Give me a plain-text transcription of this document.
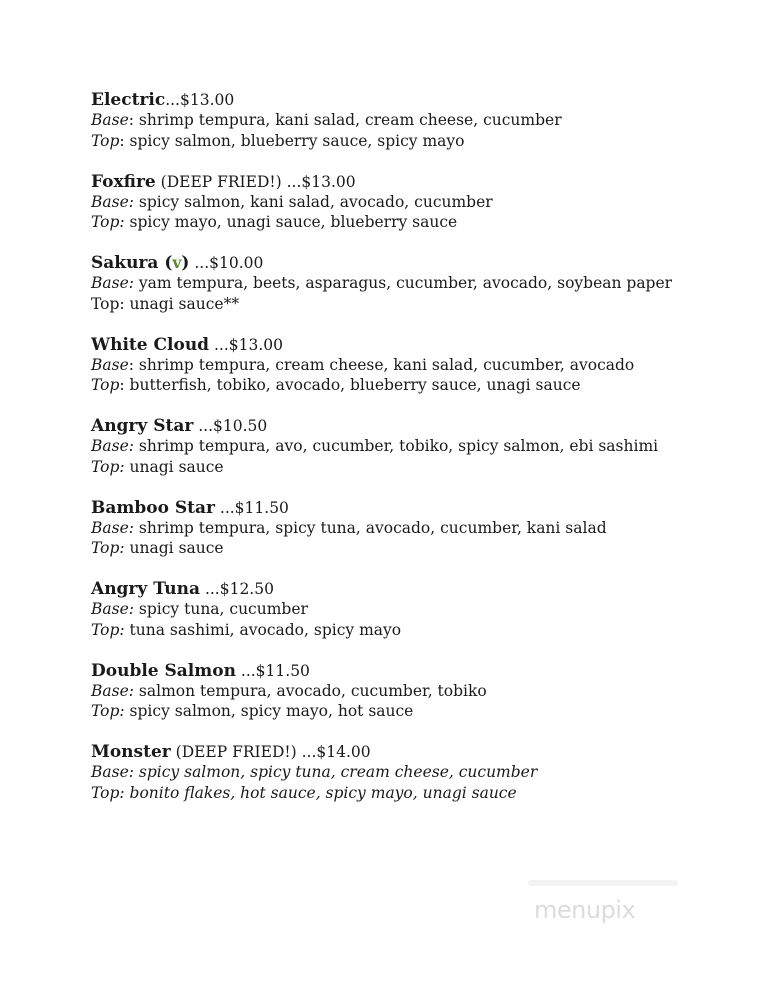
Electric...$13.00
Base: shrimp tempura, kani salad, cream cheese, cucumber
Top: spicy salmon, blueberry sauce, spicy mayo
Foxfire (DEEP FRIED!) ...$13.00
Base: spicy salmon, kani salad, avocado, cucumber
Top: spicy mayo, unagi sauce, blueberry sauce
Sakura (v) ...$10.00
Base: yam tempura, beets, asparagus, cucumber, avocado, soybean paper
Top: unagi sauce**
White Cloud ...$13.00
Base: shrimp tempura, cream cheese, kani salad, cucumber, avocado
Top: butterfish, tobiko, avocado, blueberry sauce, unagi sauce
Angry Star ...$10.50
Base: shrimp tempura, avo, cucumber, tobiko, spicy salmon, ebi sashimi
Top: unagi sauce
Bamboo Star ...$11.50
Base: shrimp tempura, spicy tuna, avocado, cucumber, kani salad
Top: unagi sauce
Angry Tuna ...$12.50
Base: spicy tuna, cucumber
Top: tuna sashimi, avocado, spicy mayo
Double Salmon ...$11.50
Base: salmon tempura, avocado, cucumber, tobiko
Top: spicy salmon, spicy mayo, hot sauce
Monster (DEEP FRIED!) ...$14.00
Base: spicy salmon, spicy tuna, cream cheese, cucumber
Top: bonito flakes, hot sauce, spicy mayo, unagi sauce
menupix
